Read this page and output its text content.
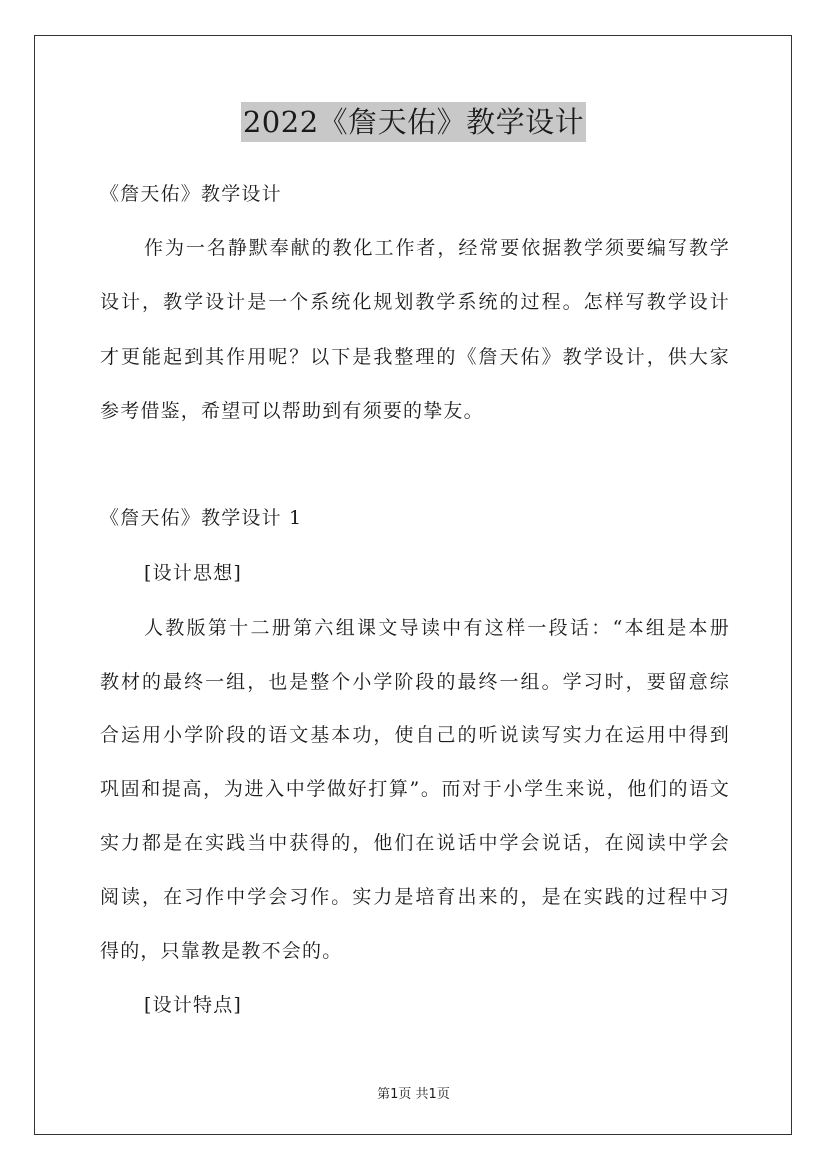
2022《詹天佑》教学设计
《詹天佑》教学设计
作为一名静默奉献的教化工作者，经常要依据教学须要编写教学
设计，教学设计是一个系统化规划教学系统的过程。怎样写教学设计
才更能起到其作用呢？以下是我整理的《詹天佑》教学设计，供大家
参考借鉴，希望可以帮助到有须要的挚友。
《詹天佑》教学设计 1
[设计思想]
人教版第十二册第六组课文导读中有这样一段话：“本组是本册
教材的最终一组，也是整个小学阶段的最终一组。学习时，要留意综
合运用小学阶段的语文基本功，使自己的听说读写实力在运用中得到
巩固和提高，为进入中学做好打算”。而对于小学生来说，他们的语文
实力都是在实践当中获得的，他们在说话中学会说话，在阅读中学会
阅读，在习作中学会习作。实力是培育出来的，是在实践的过程中习
得的，只靠教是教不会的。
[设计特点]
第1页 共1页
